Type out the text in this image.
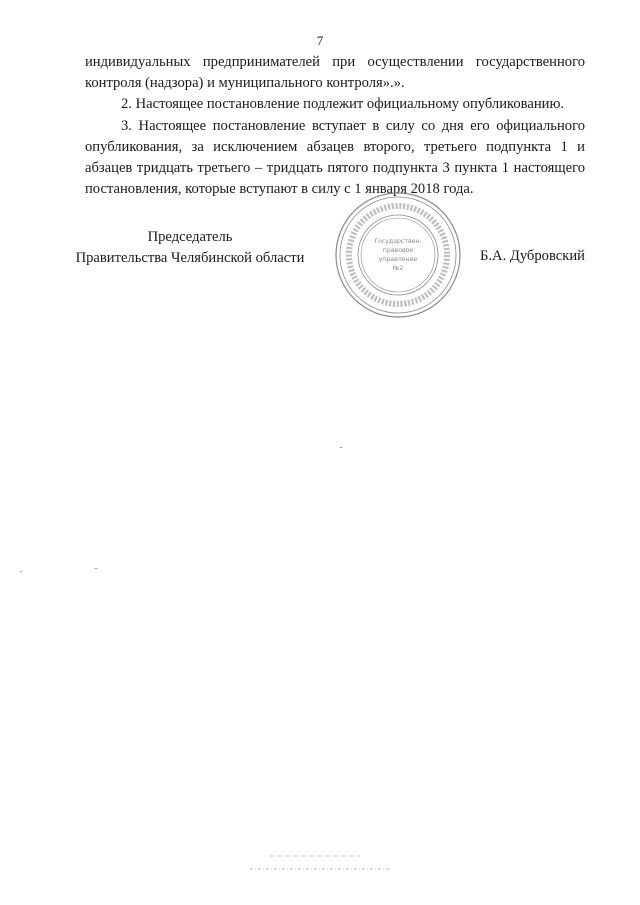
7

индивидуальных предпринимателей при осуществлении государственного контроля (надзора) и муниципального контроля».».

2. Настоящее постановление подлежит официальному опубликованию.

3. Настоящее постановление вступает в силу со дня его официального опубликования, за исключением абзацев второго, третьего подпункта 1 и абзацев тридцать третьего – тридцать пятого подпункта 3 пункта 1 настоящего постановления, которые вступают в силу с 1 января 2018 года.

Председатель
Правительства Челябинской области
Государствен-
правовое
управление
№2
Б.А. Дубровский
